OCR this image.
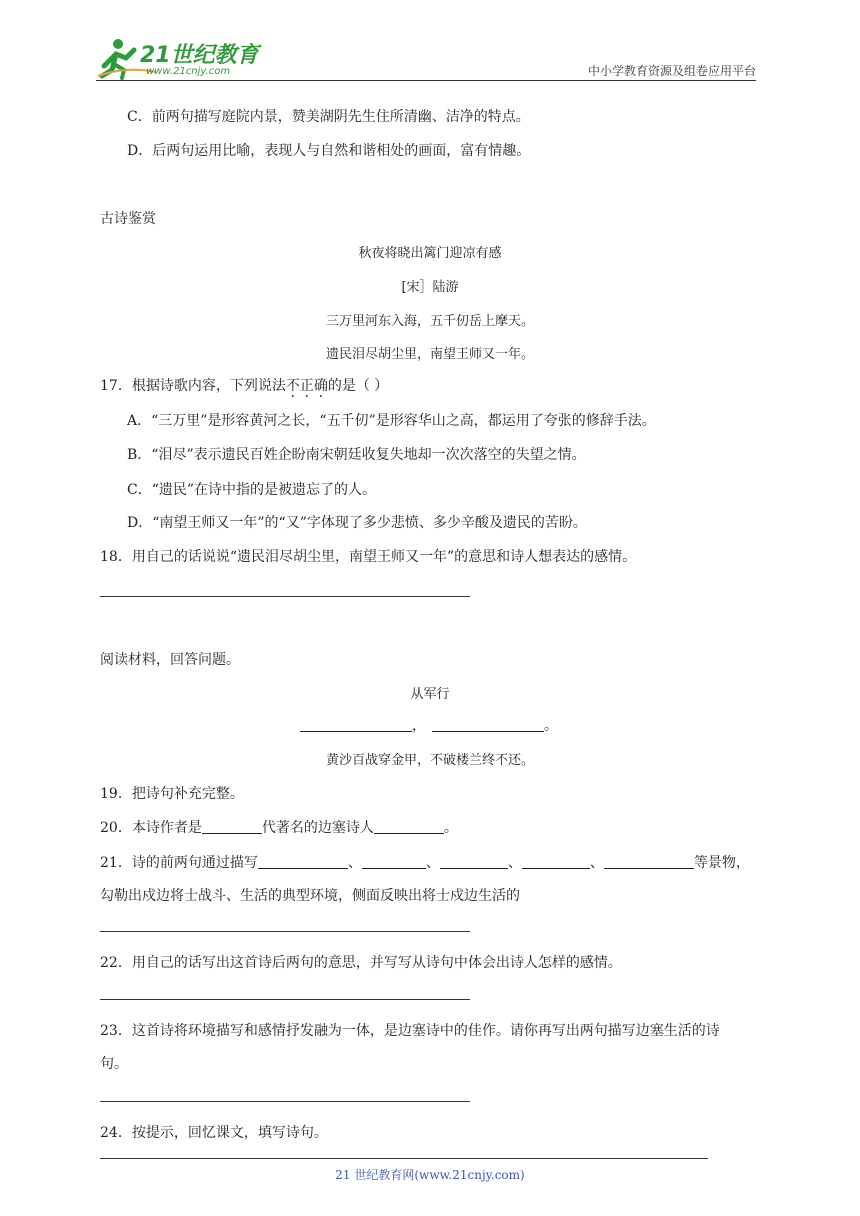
21世纪教育
www.21cnjy.com	中小学教育资源及组卷应用平台
C．前两句描写庭院内景，赞美湖阴先生住所清幽、洁净的特点。
D．后两句运用比喻，表现人与自然和谐相处的画面，富有情趣。
古诗鉴赏
秋夜将晓出篱门迎凉有感
[宋］陆游
三万里河东入海，五千仞岳上摩天。
遗民泪尽胡尘里，南望王师又一年。
17．根据诗歌内容，下列说法不正确的是（ ）
A．“三万里”是形容黄河之长，“五千仞”是形容华山之高，都运用了夸张的修辞手法。
B．“泪尽”表示遗民百姓企盼南宋朝廷收复失地却一次次落空的失望之情。
C．“遗民”在诗中指的是被遗忘了的人。
D．“南望王师又一年”的“又”字体现了多少悲愤、多少辛酸及遗民的苦盼。
18．用自己的话说说“遗民泪尽胡尘里，南望王师又一年”的意思和诗人想表达的感情。
阅读材料，回答问题。
从军行
，	。
黄沙百战穿金甲，不破楼兰终不还。
19．把诗句补充完整。
20．本诗作者是	代著名的边塞诗人	。
21．诗的前两句通过描写	、	、	、	、	等景物，
勾勒出戍边将士战斗、生活的典型环境，侧面反映出将士戍边生活的
22．用自己的话写出这首诗后两句的意思，并写写从诗句中体会出诗人怎样的感情。
23．这首诗将环境描写和感情抒发融为一体，是边塞诗中的佳作。请你再写出两句描写边塞生活的诗
句。
24．按提示，回忆课文，填写诗句。
21 世纪教育网(www.21cnjy.com)
